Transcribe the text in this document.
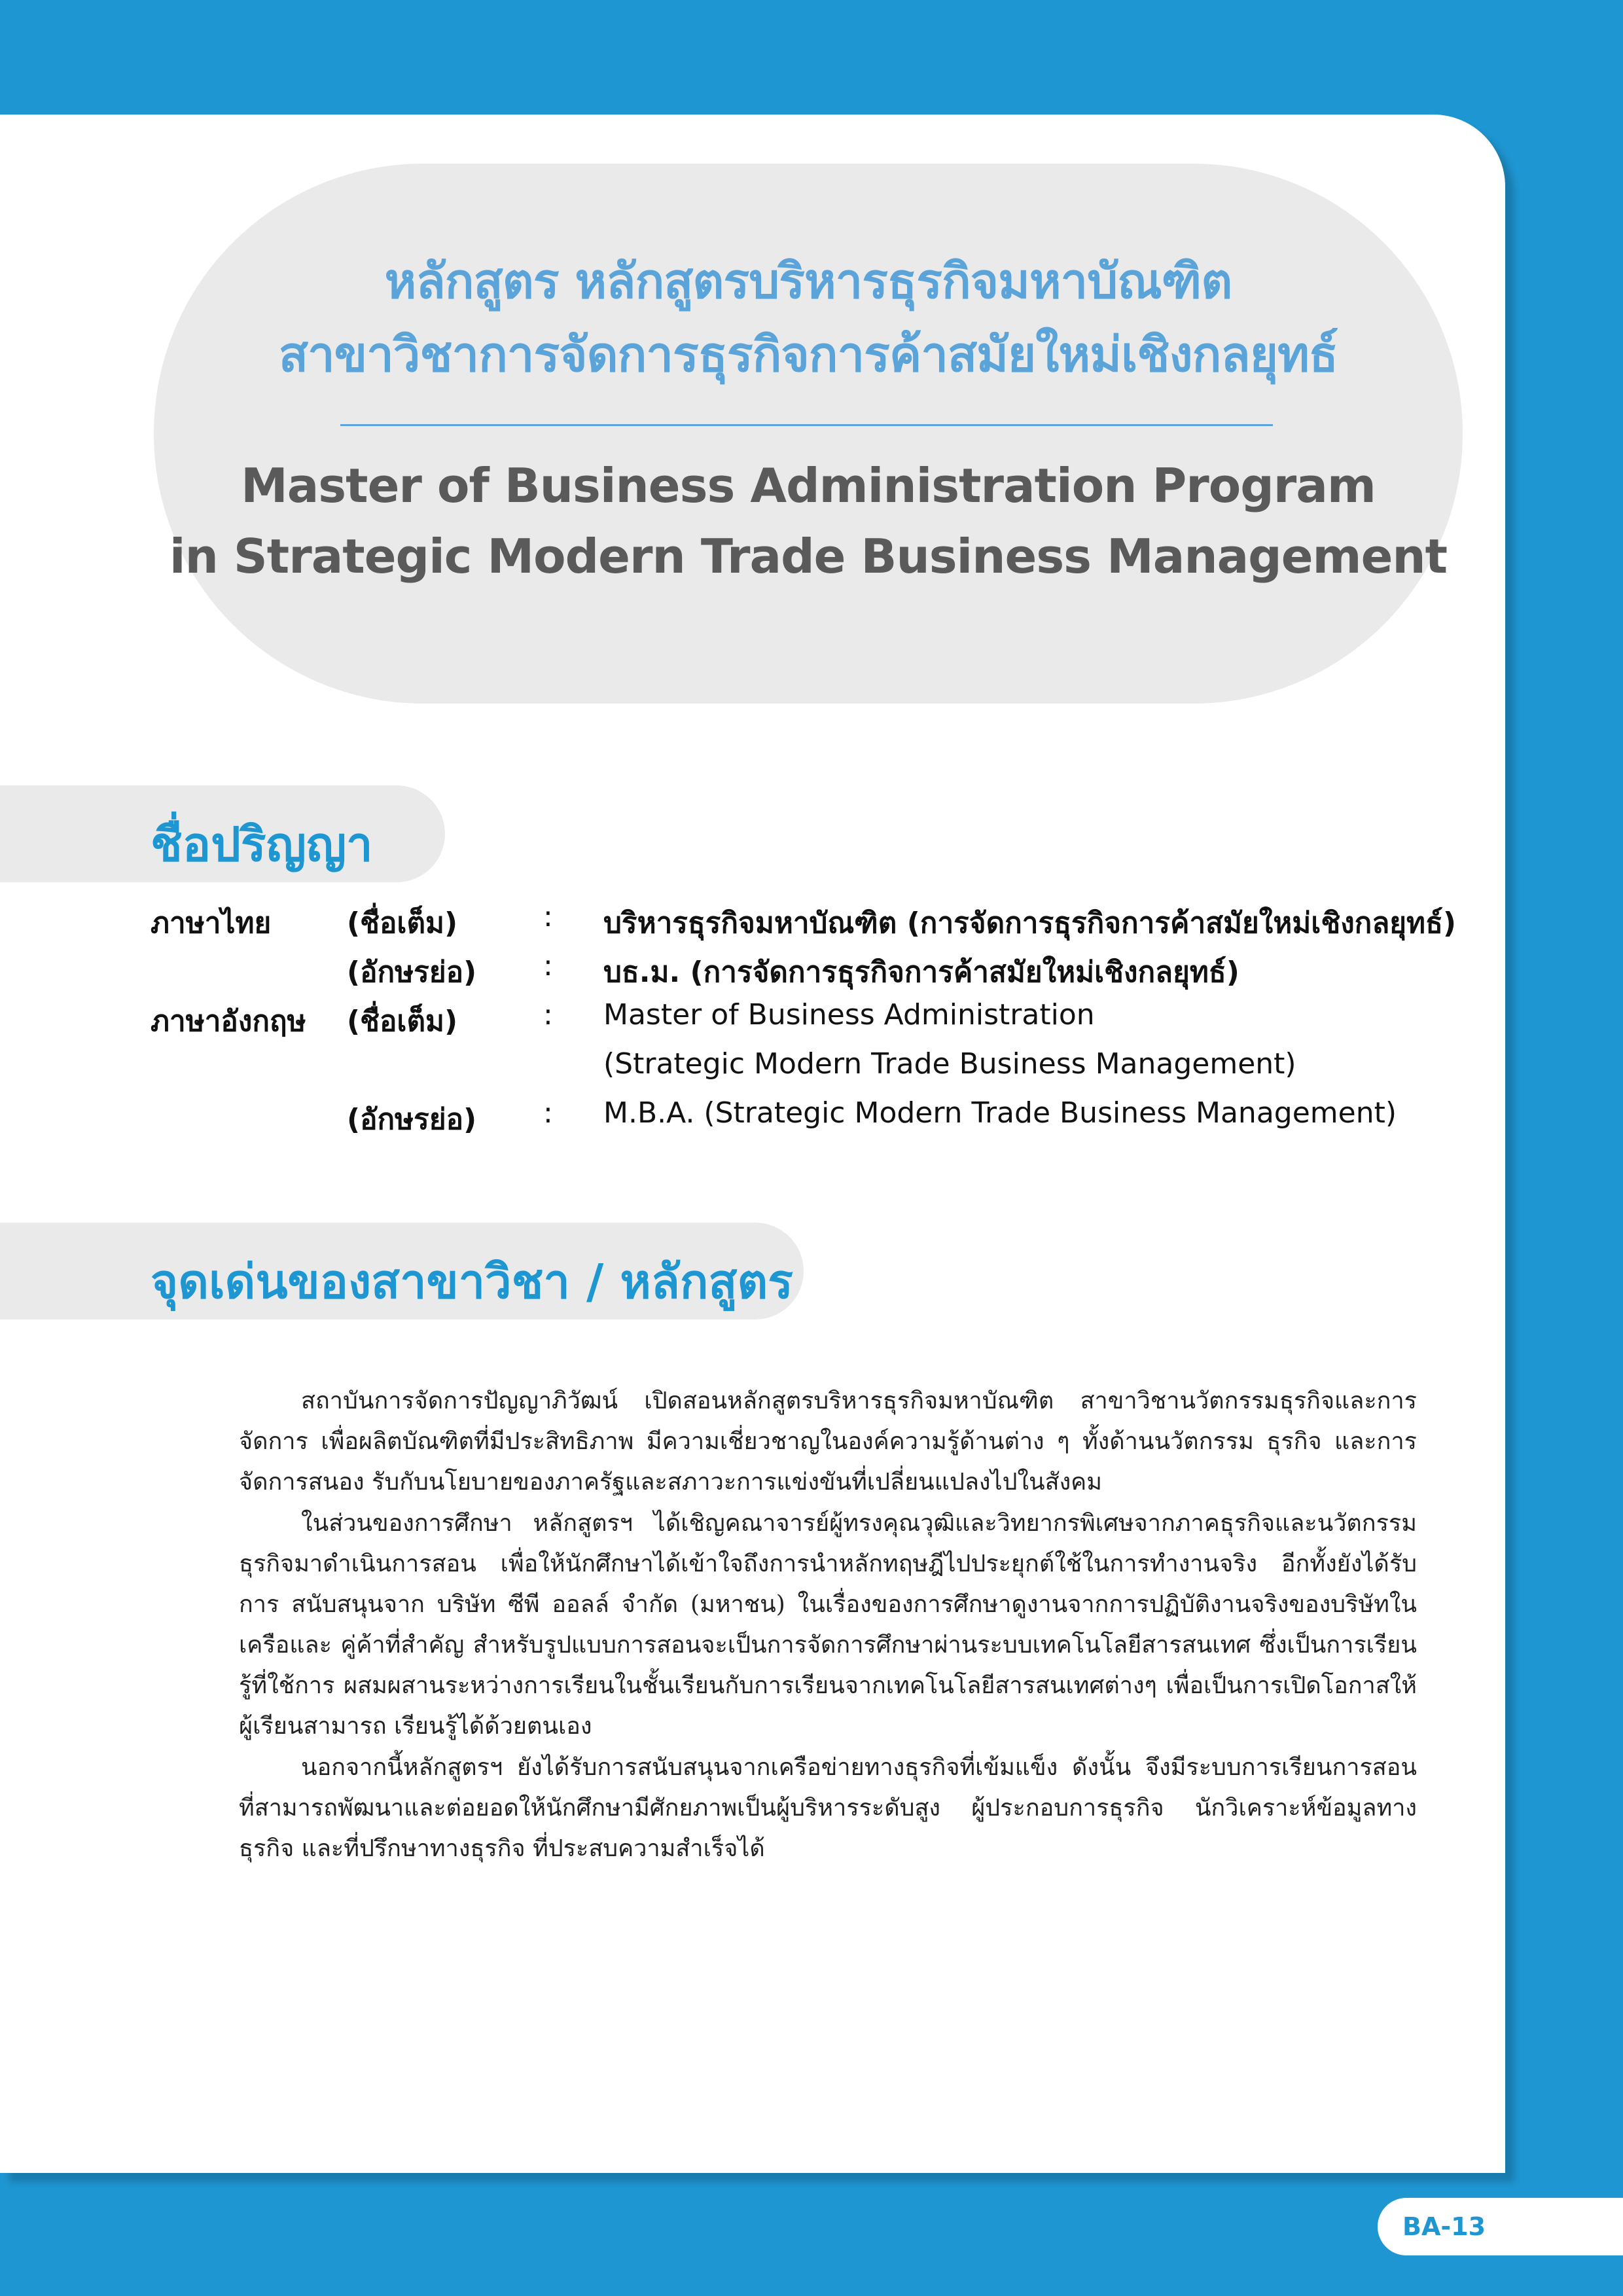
หลักสูตร หลักสูตรบริหารธุรกิจมหาบัณฑิต
สาขาวิชาการจัดการธุรกิจการค้าสมัยใหม่เชิงกลยุทธ์
Master of Business Administration Program
in Strategic Modern Trade Business Management
ชื่อปริญญา
ภาษาไทย	(ชื่อเต็ม)	: บริหารธุรกิจมหาบัณฑิต (การจัดการธุรกิจการค้าสมัยใหม่เชิงกลยุทธ์)
(อักษรย่อ) : บธ.ม. (การจัดการธุรกิจการค้าสมัยใหม่เชิงกลยุทธ์)
ภาษาอังกฤษ (ชื่อเต็ม)	: Master of Business Administration
(Strategic Modern Trade Business Management)
(อักษรย่อ) : M.B.A. (Strategic Modern Trade Business Management)
จุดเด่นของสาขาวิชา / หลักสูตร
สถาบันการจัดการปัญญาภิวัฒน์ เปิดสอนหลักสูตรบริหารธุรกิจมหาบัณฑิต สาขาวิชานวัตกรรมธุรกิจและการจัดการ เพื่อผลิตบัณฑิตที่มีประสิทธิภาพ มีความเชี่ยวชาญในองค์ความรู้ด้านต่าง ๆ ทั้งด้านนวัตกรรม ธุรกิจ และการจัดการสนอง รับกับนโยบายของภาครัฐและสภาวะการแข่งขันที่เปลี่ยนแปลงไปในสังคม
ในส่วนของการศึกษา หลักสูตรฯ ได้เชิญคณาจารย์ผู้ทรงคุณวุฒิและวิทยากรพิเศษจากภาคธุรกิจและนวัตกรรม ธุรกิจมาดำเนินการสอน เพื่อให้นักศึกษาได้เข้าใจถึงการนำหลักทฤษฎีไปประยุกต์ใช้ในการทำงานจริง อีกทั้งยังได้รับการ สนับสนุนจาก บริษัท ซีพี ออลล์ จำกัด (มหาชน) ในเรื่องของการศึกษาดูงานจากการปฏิบัติงานจริงของบริษัทในเครือและ คู่ค้าที่สำคัญ สำหรับรูปแบบการสอนจะเป็นการจัดการศึกษาผ่านระบบเทคโนโลยีสารสนเทศ ซึ่งเป็นการเรียนรู้ที่ใช้การ ผสมผสานระหว่างการเรียนในชั้นเรียนกับการเรียนจากเทคโนโลยีสารสนเทศต่างๆ เพื่อเป็นการเปิดโอกาสให้ผู้เรียนสามารถ เรียนรู้ได้ด้วยตนเอง
นอกจากนี้หลักสูตรฯ ยังได้รับการสนับสนุนจากเครือข่ายทางธุรกิจที่เข้มแข็ง ดังนั้น จึงมีระบบการเรียนการสอน ที่สามารถพัฒนาและต่อยอดให้นักศึกษามีศักยภาพเป็นผู้บริหารระดับสูง ผู้ประกอบการธุรกิจ นักวิเคราะห์ข้อมูลทางธุรกิจ และที่ปรึกษาทางธุรกิจ ที่ประสบความสำเร็จได้
BA-13
